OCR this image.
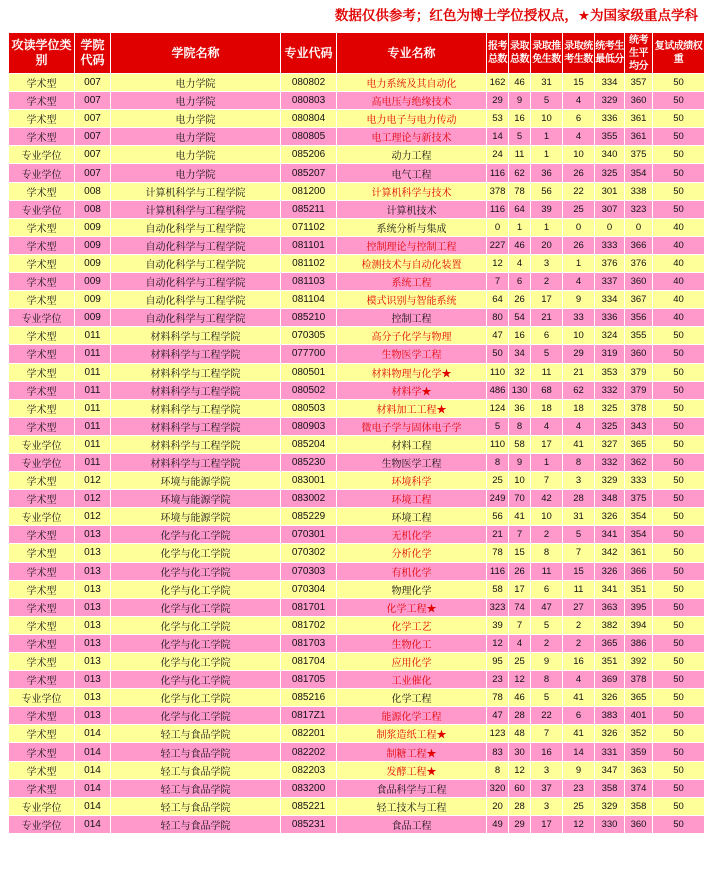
数据仅供参考；红色为博士学位授权点，★为国家级重点学科
攻读学位类别	学院代码	学院名称	专业代码	专业名称	报考总数	录取总数	录取推免生数	录取统考生数	统考生最低分	统考生平均分	复试成绩权重
学术型	007	电力学院	080802	电力系统及其自动化	162	46	31	15	334	357	50
学术型	007	电力学院	080803	高电压与绝缘技术	29	9	5	4	329	360	50
学术型	007	电力学院	080804	电力电子与电力传动	53	16	10	6	336	361	50
学术型	007	电力学院	080805	电工理论与新技术	14	5	1	4	355	361	50
专业学位	007	电力学院	085206	动力工程	24	11	1	10	340	375	50
专业学位	007	电力学院	085207	电气工程	116	62	36	26	325	354	50
学术型	008	计算机科学与工程学院	081200	计算机科学与技术	378	78	56	22	301	338	50
专业学位	008	计算机科学与工程学院	085211	计算机技术	116	64	39	25	307	323	50
学术型	009	自动化科学与工程学院	071102	系统分析与集成	0	1	1	0	0	0	40
学术型	009	自动化科学与工程学院	081101	控制理论与控制工程	227	46	20	26	333	366	40
学术型	009	自动化科学与工程学院	081102	检测技术与自动化装置	12	4	3	1	376	376	40
学术型	009	自动化科学与工程学院	081103	系统工程	7	6	2	4	337	360	40
学术型	009	自动化科学与工程学院	081104	模式识别与智能系统	64	26	17	9	334	367	40
专业学位	009	自动化科学与工程学院	085210	控制工程	80	54	21	33	336	356	40
学术型	011	材料科学与工程学院	070305	高分子化学与物理	47	16	6	10	324	355	50
学术型	011	材料科学与工程学院	077700	生物医学工程	50	34	5	29	319	360	50
学术型	011	材料科学与工程学院	080501	材料物理与化学★	110	32	11	21	353	379	50
学术型	011	材料科学与工程学院	080502	材料学★	486	130	68	62	332	379	50
学术型	011	材料科学与工程学院	080503	材料加工工程★	124	36	18	18	325	378	50
学术型	011	材料科学与工程学院	080903	微电子学与固体电子学	5	8	4	4	325	343	50
专业学位	011	材料科学与工程学院	085204	材料工程	110	58	17	41	327	365	50
专业学位	011	材料科学与工程学院	085230	生物医学工程	8	9	1	8	332	362	50
学术型	012	环境与能源学院	083001	环境科学	25	10	7	3	329	333	50
学术型	012	环境与能源学院	083002	环境工程	249	70	42	28	348	375	50
专业学位	012	环境与能源学院	085229	环境工程	56	41	10	31	326	354	50
学术型	013	化学与化工学院	070301	无机化学	21	7	2	5	341	354	50
学术型	013	化学与化工学院	070302	分析化学	78	15	8	7	342	361	50
学术型	013	化学与化工学院	070303	有机化学	116	26	11	15	326	366	50
学术型	013	化学与化工学院	070304	物理化学	58	17	6	11	341	351	50
学术型	013	化学与化工学院	081701	化学工程★	323	74	47	27	363	395	50
学术型	013	化学与化工学院	081702	化学工艺	39	7	5	2	382	394	50
学术型	013	化学与化工学院	081703	生物化工	12	4	2	2	365	386	50
学术型	013	化学与化工学院	081704	应用化学	95	25	9	16	351	392	50
学术型	013	化学与化工学院	081705	工业催化	23	12	8	4	369	378	50
专业学位	013	化学与化工学院	085216	化学工程	78	46	5	41	326	365	50
学术型	013	化学与化工学院	0817Z1	能源化学工程	47	28	22	6	383	401	50
学术型	014	轻工与食品学院	082201	制浆造纸工程★	123	48	7	41	326	352	50
学术型	014	轻工与食品学院	082202	制糖工程★	83	30	16	14	331	359	50
学术型	014	轻工与食品学院	082203	发酵工程★	8	12	3	9	347	363	50
学术型	014	轻工与食品学院	083200	食品科学与工程	320	60	37	23	358	374	50
专业学位	014	轻工与食品学院	085221	轻工技术与工程	20	28	3	25	329	358	50
专业学位	014	轻工与食品学院	085231	食品工程	49	29	17	12	330	360	50
